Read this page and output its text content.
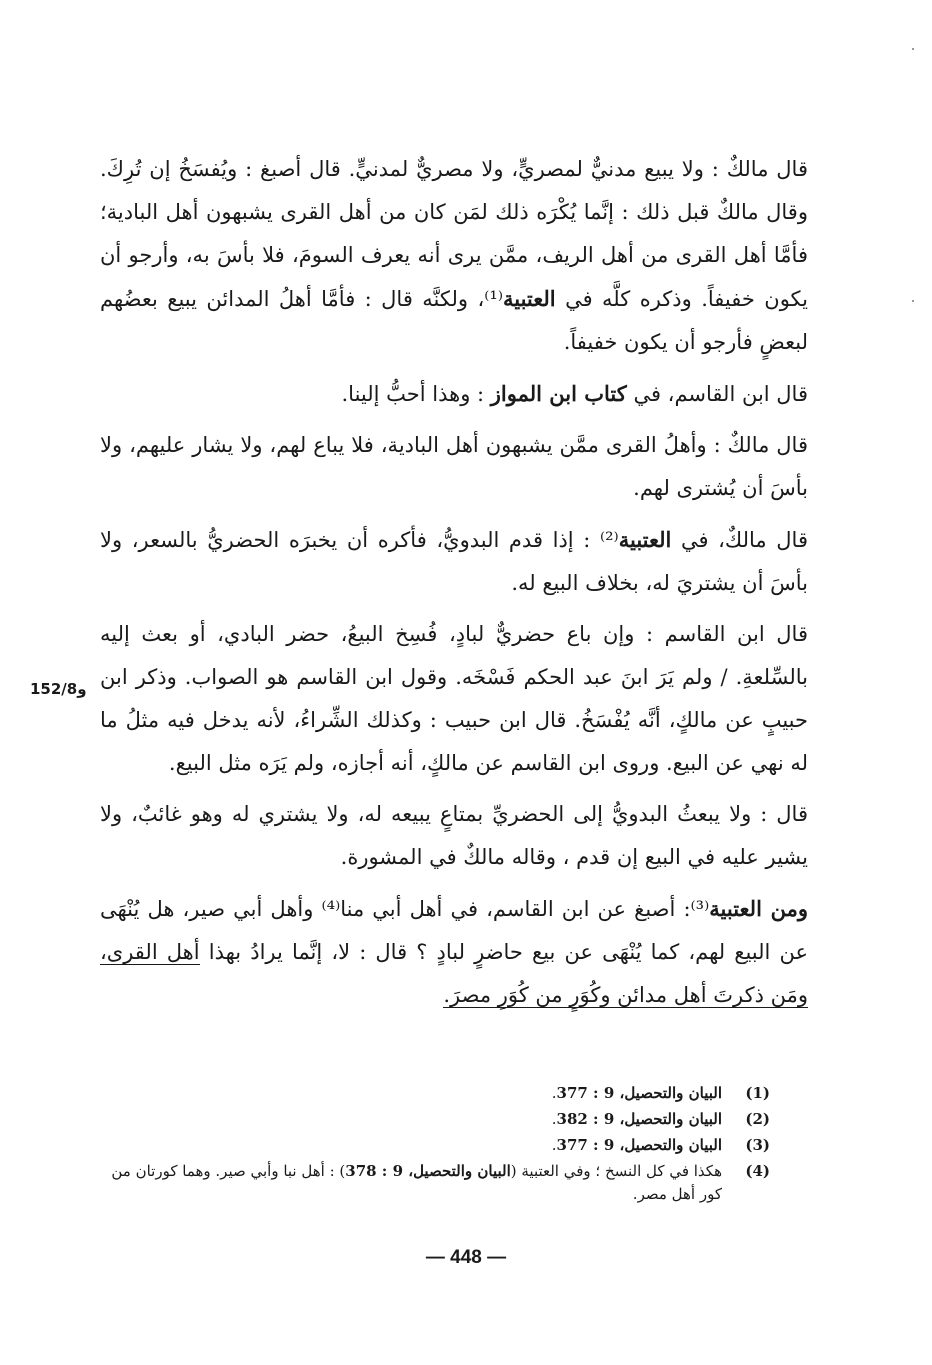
قال مالكٌ : ولا يبيع مدنيٌّ لمصريٍّ، ولا مصريٌّ لمدنيٍّ. قال أصبغ : ويُفسَخُ إن تُرِكَ. وقال مالكٌ قبل ذلك : إنَّما يُكْرَه ذلك لمَن كان من أهل القرى يشبهون أهل البادية؛ فأمَّا أهل القرى من أهل الريف، ممَّن يرى أنه يعرف السومَ، فلا بأسَ به، وأرجو أن يكون خفيفاً. وذكره كلَّه في العتبية⁽¹⁾، ولكنَّه قال : فأمَّا أهلُ المدائن يبيع بعضُهم لبعضٍ فأرجو أن يكون خفيفاً.

قال ابن القاسم، في كتاب ابن المواز : وهذا أحبُّ إلينا.

قال مالكٌ : وأهلُ القرى ممَّن يشبهون أهل البادية، فلا يباع لهم، ولا يشار عليهم، ولا بأسَ أن يُشترى لهم.

قال مالكٌ، في العتبية⁽²⁾ : إذا قدم البدويُّ، فأكره أن يخبرَه الحضريُّ بالسعر، ولا بأسَ أن يشتريَ له، بخلاف البيع له.

قال ابن القاسم : وإن باع حضريٌّ لبادٍ، فُسِخ البيعُ، حضر البادي، أو بعث إليه بالسِّلعةِ. / ولم يَرَ ابنَ عبد الحكم فَسْخَه. وقول ابن القاسم هو الصواب. وذكر ابن حبيبٍ عن مالكٍ، أنَّه يُفْسَخُ. قال ابن حبيب : وكذلك الشِّراءُ، لأنه يدخل فيه مثلُ ما له نهي عن البيع. وروى ابن القاسم عن مالكٍ، أنه أجازه، ولم يَرَه مثل البيع.

قال : ولا يبعثُ البدويُّ إلى الحضريِّ بمتاعٍ يبيعه له، ولا يشتري له وهو غائبٌ، ولا يشير عليه في البيع إن قدم ، وقاله مالكٌ في المشورة.

ومن العتبية⁽³⁾: أصبغ عن ابن القاسم، في أهل أبي منا⁽⁴⁾ وأهل أبي صير، هل يُنْهَى عن البيع لهم، كما يُنْهَى عن بيع حاضرٍ لبادٍ ؟ قال : لا، إنَّما يرادُ بهذا أهل القرى، ومَن ذكرتَ أهل مدائن وكُوَرٍ من كُوَرِ مصرَ.

152/8و
(1)
البيان والتحصيل، 9 : 377.
(2)
البيان والتحصيل، 9 : 382.
(3)
البيان والتحصيل، 9 : 377.
(4)
هكذا في كل النسخ ؛ وفي العتبية (البيان والتحصيل، 9 : 378) : أهل نبا وأبي صير. وهما كورتان من كور أهل مصر.
— 448 —
